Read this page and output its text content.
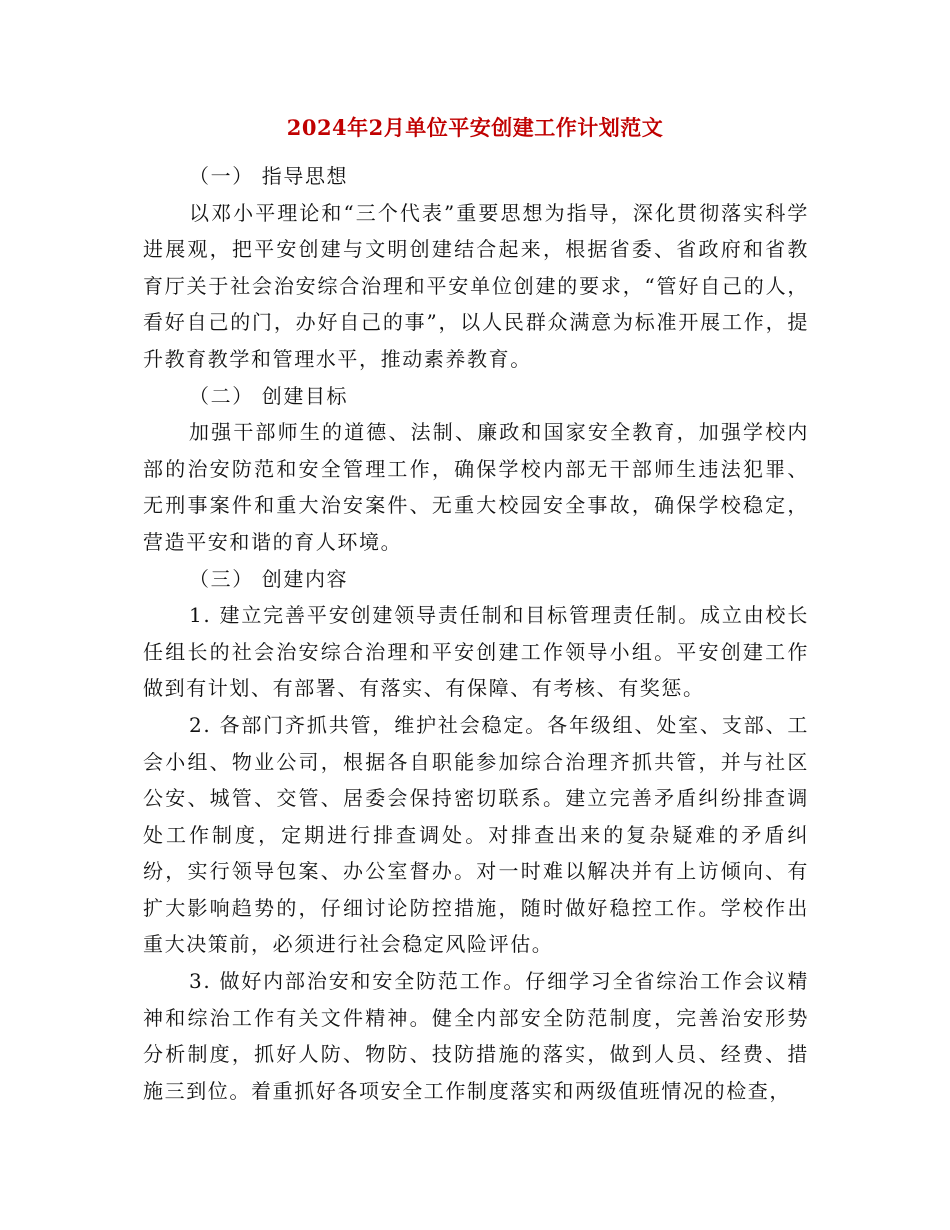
2024年2月单位平安创建工作计划范文

（一） 指导思想

以邓小平理论和“三个代表”重要思想为指导，深化贯彻落实科学进展观，把平安创建与文明创建结合起来，根据省委、省政府和省教育厅关于社会治安综合治理和平安单位创建的要求，“管好自己的人，看好自己的门，办好自己的事”，以人民群众满意为标准开展工作，提升教育教学和管理水平，推动素养教育。

（二） 创建目标

加强干部师生的道德、法制、廉政和国家安全教育，加强学校内部的治安防范和安全管理工作，确保学校内部无干部师生违法犯罪、无刑事案件和重大治安案件、无重大校园安全事故，确保学校稳定，营造平安和谐的育人环境。

（三） 创建内容

1. 建立完善平安创建领导责任制和目标管理责任制。成立由校长任组长的社会治安综合治理和平安创建工作领导小组。平安创建工作做到有计划、有部署、有落实、有保障、有考核、有奖惩。

2. 各部门齐抓共管，维护社会稳定。各年级组、处室、支部、工会小组、物业公司，根据各自职能参加综合治理齐抓共管，并与社区公安、城管、交管、居委会保持密切联系。建立完善矛盾纠纷排查调处工作制度，定期进行排查调处。对排查出来的复杂疑难的矛盾纠纷，实行领导包案、办公室督办。对一时难以解决并有上访倾向、有扩大影响趋势的，仔细讨论防控措施，随时做好稳控工作。学校作出重大决策前，必须进行社会稳定风险评估。

3. 做好内部治安和安全防范工作。仔细学习全省综治工作会议精神和综治工作有关文件精神。健全内部安全防范制度，完善治安形势分析制度，抓好人防、物防、技防措施的落实，做到人员、经费、措施三到位。着重抓好各项安全工作制度落实和两级值班情况的检查，
